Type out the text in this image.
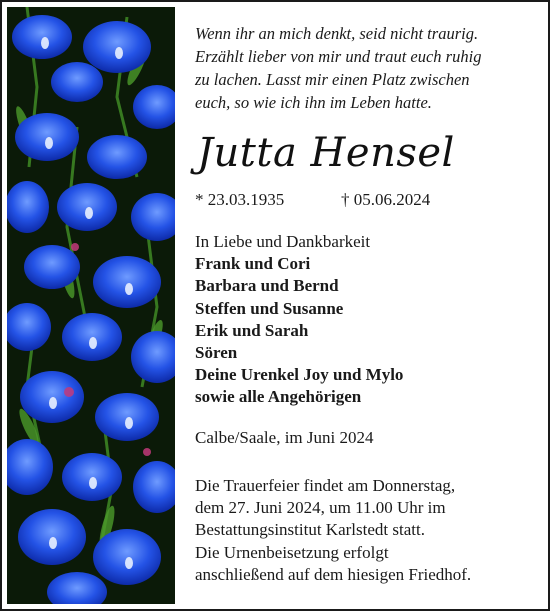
Wenn ihr an mich denkt, seid nicht traurig.
Erzählt lieber von mir und traut euch ruhig
zu lachen. Lasst mir einen Platz zwischen
euch, so wie ich ihn im Leben hatte.
Jutta Hensel
* 23.03.1935	† 05.06.2024
In Liebe und Dankbarkeit
Frank und Cori
Barbara und Bernd
Steffen und Susanne
Erik und Sarah
Sören
Deine Urenkel Joy und Mylo
sowie alle Angehörigen
Calbe/Saale, im Juni 2024
Die Trauerfeier findet am Donnerstag,
dem 27. Juni 2024, um 11.00 Uhr im
Bestattungsinstitut Karlstedt statt.
Die Urnenbeisetzung erfolgt
anschließend auf dem hiesigen Friedhof.
